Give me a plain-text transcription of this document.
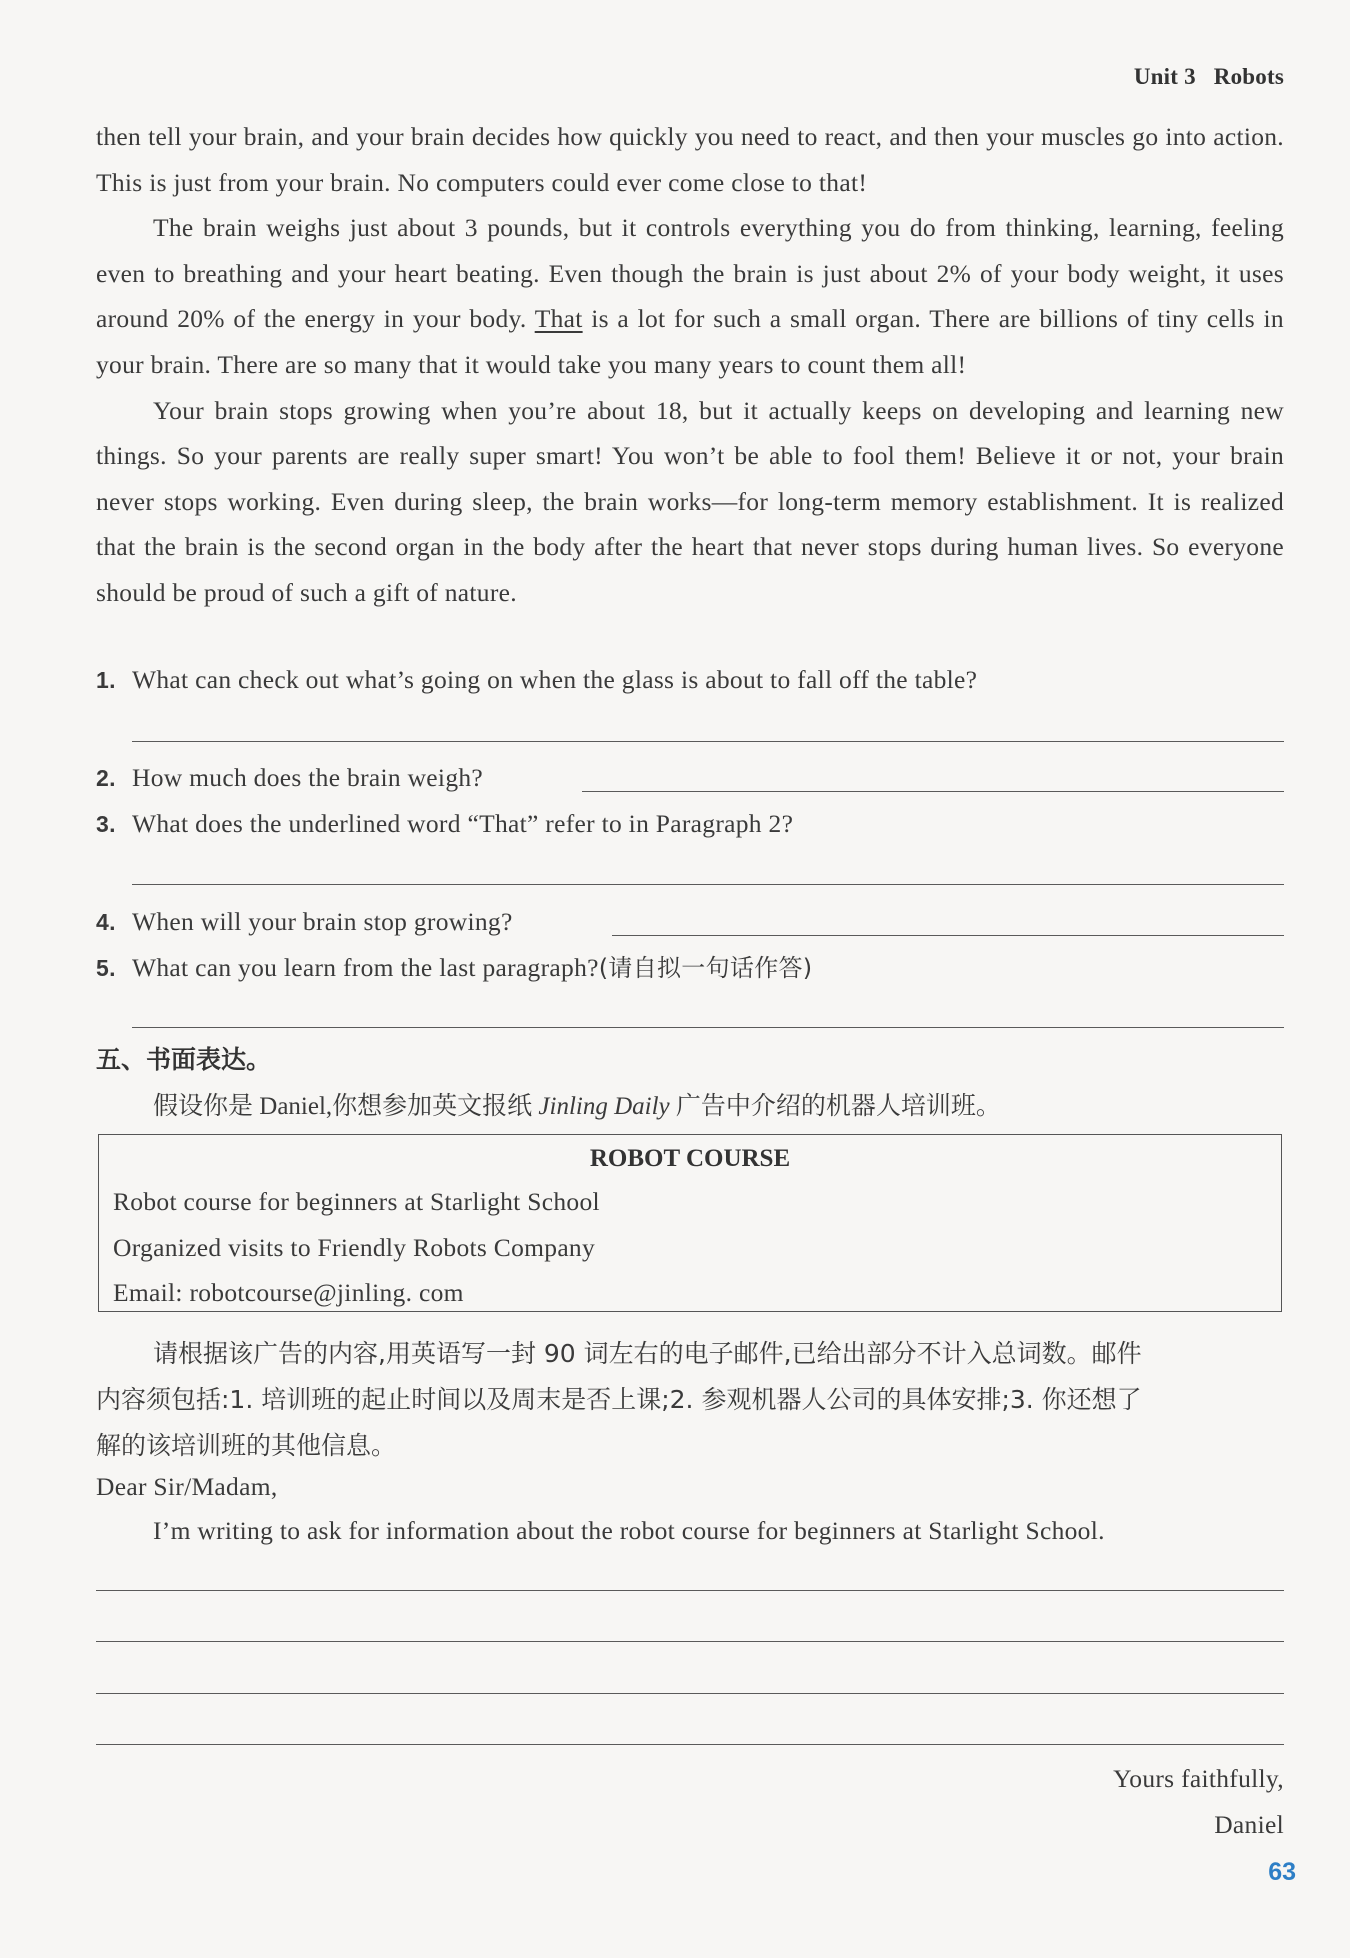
Unit 3 Robots

then tell your brain, and your brain decides how quickly you need to react, and then your muscles go into action. This is just from your brain. No computers could ever come close to that!

The brain weighs just about 3 pounds, but it controls everything you do from thinking, learning, feeling even to breathing and your heart beating. Even though the brain is just about 2% of your body weight, it uses around 20% of the energy in your body. That is a lot for such a small organ. There are billions of tiny cells in your brain. There are so many that it would take you many years to count them all!

Your brain stops growing when you’re about 18, but it actually keeps on developing and learning new things. So your parents are really super smart! You won’t be able to fool them! Believe it or not, your brain never stops working. Even during sleep, the brain works—for long-term memory establishment. It is realized that the brain is the second organ in the body after the heart that never stops during human lives. So everyone should be proud of such a gift of nature.

1. What can check out what’s going on when the glass is about to fall off the table?
2. How much does the brain weigh?
3. What does the underlined word “That” refer to in Paragraph 2?
4. When will your brain stop growing?
5. What can you learn from the last paragraph?(请自拟一句话作答)
五、书面表达。
假设你是 Daniel,你想参加英文报纸 Jinling Daily 广告中介绍的机器人培训班。
ROBOT COURSE
Robot course for beginners at Starlight School
Organized visits to Friendly Robots Company
Email: robotcourse@jinling. com
请根据该广告的内容,用英语写一封 90 词左右的电子邮件,已给出部分不计入总词数。邮件
内容须包括:1. 培训班的起止时间以及周末是否上课;2. 参观机器人公司的具体安排;3. 你还想了
解的该培训班的其他信息。
Dear Sir/Madam,
I’m writing to ask for information about the robot course for beginners at Starlight School.
Yours faithfully,
Daniel
63
